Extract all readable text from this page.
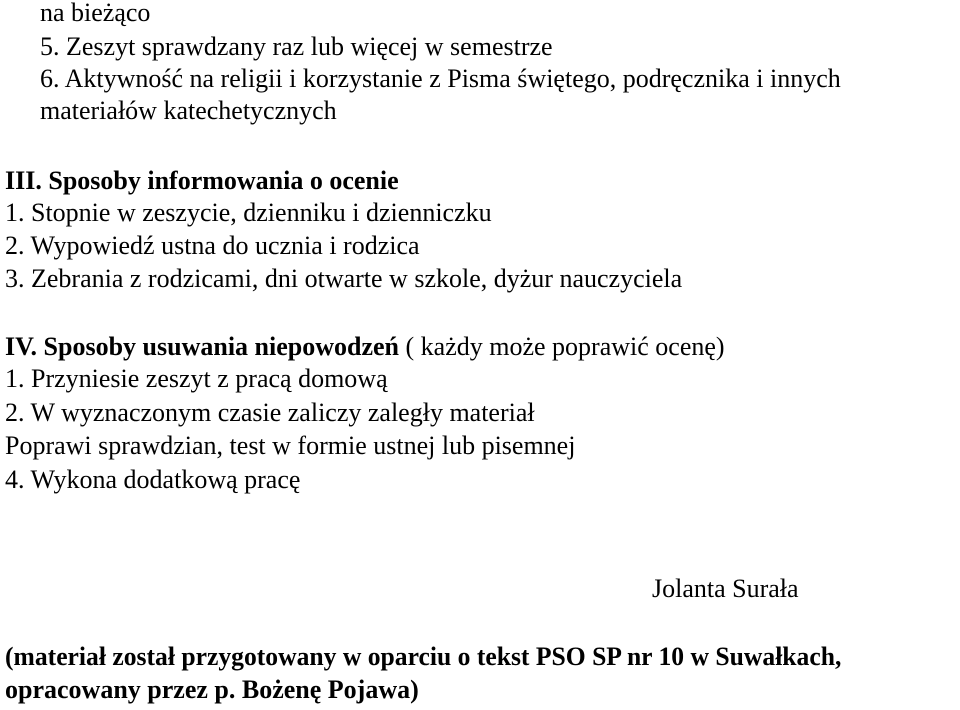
na bieżąco
5. Zeszyt sprawdzany raz lub więcej w semestrze
6. Aktywność na religii i korzystanie z Pisma świętego, podręcznika i innych
materiałów katechetycznych
III. Sposoby informowania o ocenie
1. Stopnie w zeszycie, dzienniku i dzienniczku
2. Wypowiedź ustna do ucznia i rodzica
3. Zebrania z rodzicami, dni otwarte w szkole, dyżur nauczyciela
IV. Sposoby usuwania niepowodzeń ( każdy może poprawić ocenę)
1. Przyniesie zeszyt z pracą domową
2. W wyznaczonym czasie zaliczy zaległy materiał
Poprawi sprawdzian, test w formie ustnej lub pisemnej
4. Wykona dodatkową pracę
Jolanta Surała
(materiał został przygotowany w oparciu o tekst PSO SP nr 10 w Suwałkach,
opracowany przez p. Bożenę Pojawa)
